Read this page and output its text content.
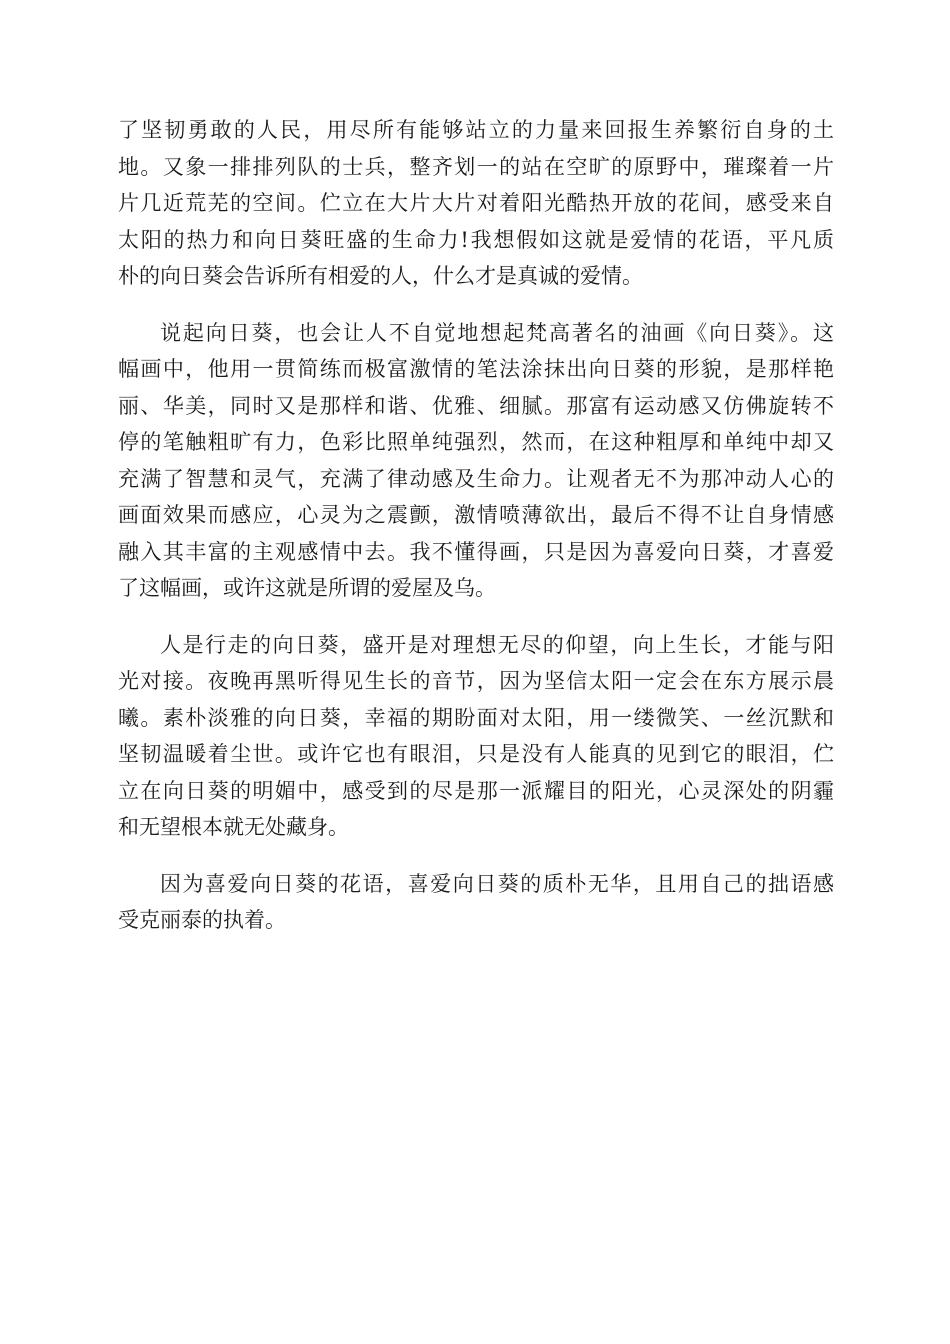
了坚韧勇敢的人民，用尽所有能够站立的力量来回报生养繁衍自身的土
地。又象一排排列队的士兵，整齐划一的站在空旷的原野中，璀璨着一片
片几近荒芜的空间。伫立在大片大片对着阳光酷热开放的花间，感受来自
太阳的热力和向日葵旺盛的生命力!我想假如这就是爱情的花语，平凡质
朴的向日葵会告诉所有相爱的人，什么才是真诚的爱情。
说起向日葵，也会让人不自觉地想起梵高著名的油画《向日葵》。这
幅画中，他用一贯简练而极富激情的笔法涂抹出向日葵的形貌，是那样艳
丽、华美，同时又是那样和谐、优雅、细腻。那富有运动感又仿佛旋转不
停的笔触粗旷有力，色彩比照单纯强烈，然而，在这种粗厚和单纯中却又
充满了智慧和灵气，充满了律动感及生命力。让观者无不为那冲动人心的
画面效果而感应，心灵为之震颤，激情喷薄欲出，最后不得不让自身情感
融入其丰富的主观感情中去。我不懂得画，只是因为喜爱向日葵，才喜爱
了这幅画，或许这就是所谓的爱屋及乌。
人是行走的向日葵，盛开是对理想无尽的仰望，向上生长，才能与阳
光对接。夜晚再黑听得见生长的音节，因为坚信太阳一定会在东方展示晨
曦。素朴淡雅的向日葵，幸福的期盼面对太阳，用一缕微笑、一丝沉默和
坚韧温暖着尘世。或许它也有眼泪，只是没有人能真的见到它的眼泪，伫
立在向日葵的明媚中，感受到的尽是那一派耀目的阳光，心灵深处的阴霾
和无望根本就无处藏身。
因为喜爱向日葵的花语，喜爱向日葵的质朴无华，且用自己的拙语感
受克丽泰的执着。
